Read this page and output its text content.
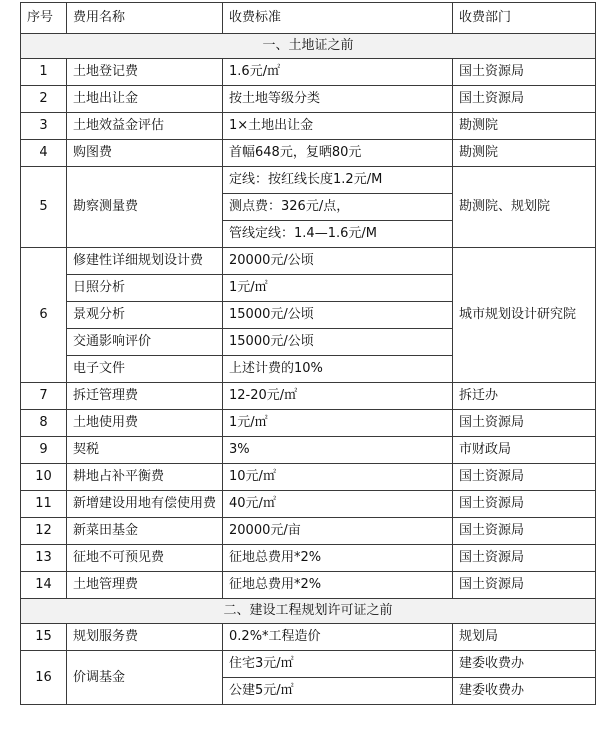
序号	费用名称	收费标准	收费部门
一、土地证之前			
1	土地登记费	1.6元/㎡	国土资源局
2	土地出让金	按土地等级分类	国土资源局
3	土地效益金评估	1×土地出让金	勘测院
4	购图费	首幅648元，复晒80元	勘测院
5	勘察测量费	定线：按红线长度1.2元/M	勘测院、规划院
		测点费：326元/点，	
		管线定线：1.4—1.6元/M	
6	修建性详细规划设计费	20000元/公顷	城市规划设计研究院
	日照分析	1元/㎡	
	景观分析	15000元/公顷	
	交通影响评价	15000元/公顷	
	电子文件	上述计费的10%	
7	拆迁管理费	12-20元/㎡	拆迁办
8	土地使用费	1元/㎡	国土资源局
9	契税	3%	市财政局
10	耕地占补平衡费	10元/㎡	国土资源局
11	新增建设用地有偿使用费	40元/㎡	国土资源局
12	新菜田基金	20000元/亩	国土资源局
13	征地不可预见费	征地总费用*2%	国土资源局
14	土地管理费	征地总费用*2%	国土资源局
二、建设工程规划许可证之前			
15	规划服务费	0.2%*工程造价	规划局
16	价调基金	住宅3元/㎡	建委收费办
		公建5元/㎡	建委收费办
